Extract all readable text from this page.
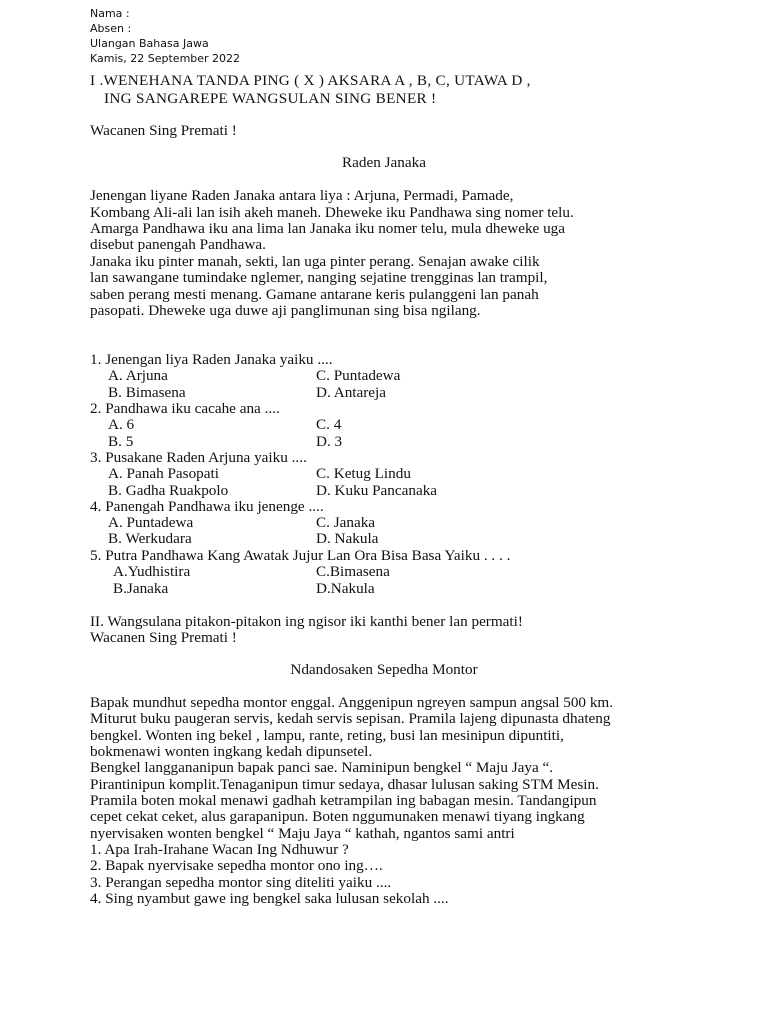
Nama :
Absen :
Ulangan Bahasa Jawa
Kamis, 22 September 2022
I .WENEHANA TANDA PING ( X ) AKSARA A , B, C, UTAWA D ,
ING SANGAREPE WANGSULAN SING BENER !
Wacanen Sing Premati !
Raden Janaka
Jenengan liyane Raden Janaka antara liya : Arjuna, Permadi, Pamade,
Kombang Ali-ali lan isih akeh maneh. Dheweke iku Pandhawa sing nomer telu.
Amarga Pandhawa iku ana lima lan Janaka iku nomer telu, mula dheweke uga
disebut panengah Pandhawa.
Janaka iku pinter manah, sekti, lan uga pinter perang. Senajan awake cilik
lan sawangane tumindake nglemer, nanging sejatine trengginas lan trampil,
saben perang mesti menang. Gamane antarane keris pulanggeni lan panah
pasopati. Dheweke uga duwe aji panglimunan sing bisa ngilang.
1. Jenengan liya Raden Janaka yaiku ....
A. Arjuna	C. Puntadewa
B. Bimasena	D. Antareja
2. Pandhawa iku cacahe ana ....
A. 6	C. 4
B. 5	D. 3
3. Pusakane Raden Arjuna yaiku ....
A. Panah Pasopati	C. Ketug Lindu
B. Gadha Ruakpolo	D. Kuku Pancanaka
4. Panengah Pandhawa iku jenenge ....
A. Puntadewa	C. Janaka
B. Werkudara	D. Nakula
5. Putra Pandhawa Kang Awatak Jujur Lan Ora Bisa Basa Yaiku . . . .
A.Yudhistira	C.Bimasena
B.Janaka	D.Nakula
II. Wangsulana pitakon-pitakon ing ngisor iki kanthi bener lan permati!
Wacanen Sing Premati !
Ndandosaken Sepedha Montor
Bapak mundhut sepedha montor enggal. Anggenipun ngreyen sampun angsal 500 km.
Miturut buku paugeran servis, kedah servis sepisan. Pramila lajeng dipunasta dhateng
bengkel. Wonten ing bekel , lampu, rante, reting, busi lan mesinipun dipuntiti,
bokmenawi wonten ingkang kedah dipunsetel.
Bengkel langgananipun bapak panci sae. Naminipun bengkel “ Maju Jaya “.
Pirantinipun komplit.Tenaganipun timur sedaya, dhasar lulusan saking STM Mesin.
Pramila boten mokal menawi gadhah ketrampilan ing babagan mesin. Tandangipun
cepet cekat ceket, alus garapanipun. Boten nggumunaken menawi tiyang ingkang
nyervisaken wonten bengkel “ Maju Jaya “ kathah, ngantos sami antri
1. Apa Irah-Irahane Wacan Ing Ndhuwur ?
2. Bapak nyervisake sepedha montor ono ing….
3. Perangan sepedha montor sing diteliti yaiku ....
4. Sing nyambut gawe ing bengkel saka lulusan sekolah ....
